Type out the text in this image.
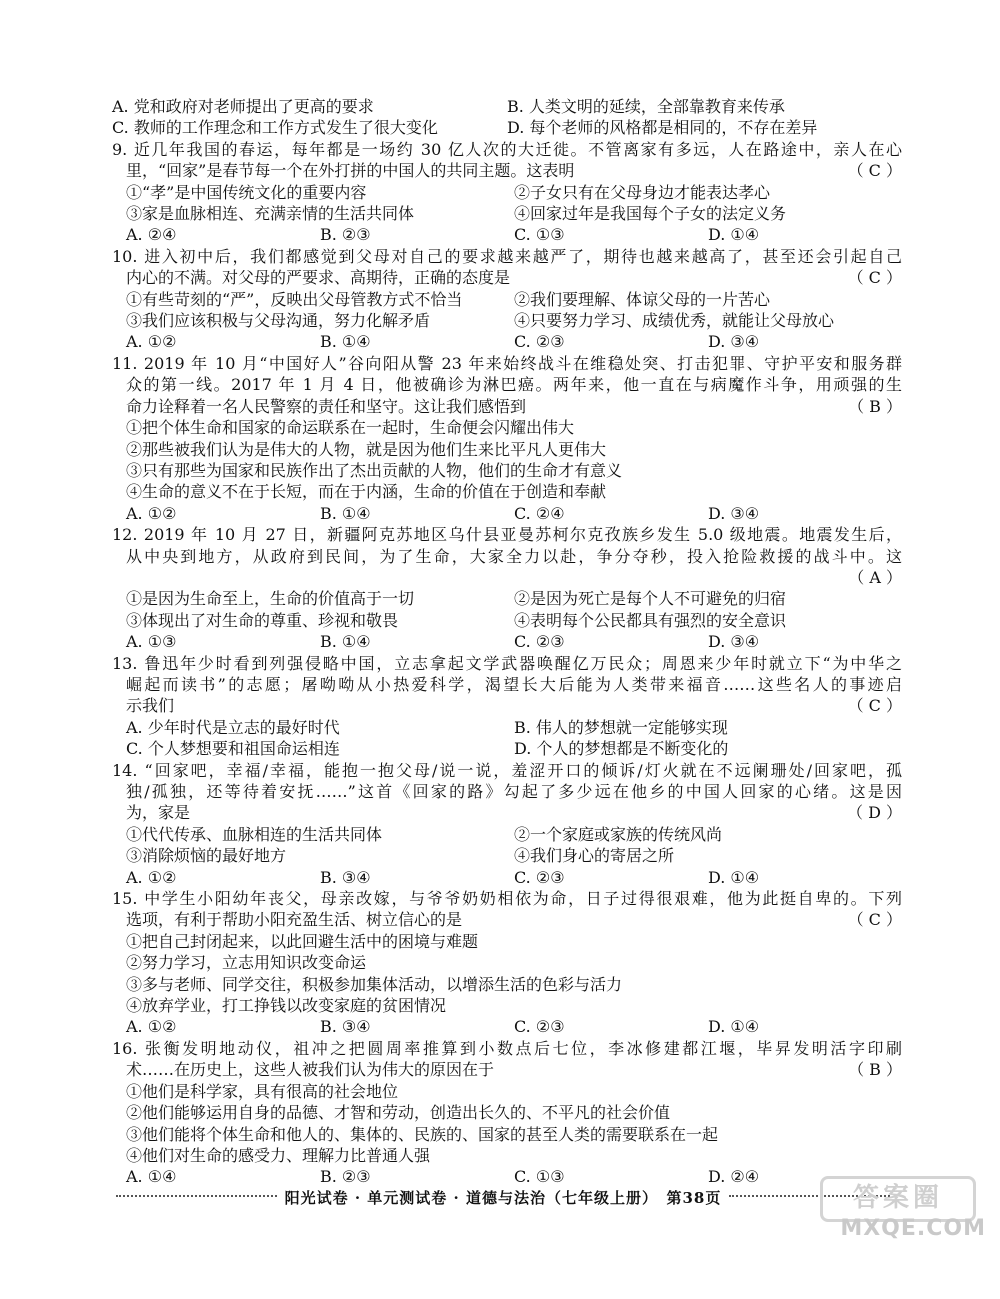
A. 党和政府对老师提出了更高的要求	B. 人类文明的延续，全部靠教育来传承
C. 教师的工作理念和工作方式发生了很大变化	D. 每个老师的风格都是相同的，不存在差异
9. 近几年我国的春运，每年都是一场约 30 亿人次的大迁徙。不管离家有多远，人在路途中，亲人在心
里，“回家”是春节每一个在外打拼的中国人的共同主题。这表明	（ C ）
①“孝”是中国传统文化的重要内容	②子女只有在父母身边才能表达孝心
③家是血脉相连、充满亲情的生活共同体	④回家过年是我国每个子女的法定义务
A. ②④	B. ②③	C. ①③	D. ①④
10. 进入初中后，我们都感觉到父母对自己的要求越来越严了，期待也越来越高了，甚至还会引起自己
内心的不满。对父母的严要求、高期待，正确的态度是	（ C ）
①有些苛刻的“严”，反映出父母管教方式不恰当	②我们要理解、体谅父母的一片苦心
③我们应该积极与父母沟通，努力化解矛盾	④只要努力学习、成绩优秀，就能让父母放心
A. ①②	B. ①④	C. ②③	D. ③④
11. 2019 年 10 月“中国好人”谷向阳从警 23 年来始终战斗在维稳处突、打击犯罪、守护平安和服务群
众的第一线。2017 年 1 月 4 日，他被确诊为淋巴癌。两年来，他一直在与病魔作斗争，用顽强的生
命力诠释着一名人民警察的责任和坚守。这让我们感悟到	（ B ）
①把个体生命和国家的命运联系在一起时，生命便会闪耀出伟大
②那些被我们认为是伟大的人物，就是因为他们生来比平凡人更伟大
③只有那些为国家和民族作出了杰出贡献的人物，他们的生命才有意义
④生命的意义不在于长短，而在于内涵，生命的价值在于创造和奉献
A. ①②	B. ①④	C. ②④	D. ③④
12. 2019 年 10 月 27 日，新疆阿克苏地区乌什县亚曼苏柯尔克孜族乡发生 5.0 级地震。地震发生后，
从中央到地方，从政府到民间，为了生命，大家全力以赴，争分夺秒，投入抢险救援的战斗中。这
（ A ）
①是因为生命至上，生命的价值高于一切	②是因为死亡是每个人不可避免的归宿
③体现出了对生命的尊重、珍视和敬畏	④表明每个公民都具有强烈的安全意识
A. ①③	B. ①④	C. ②③	D. ③④
13. 鲁迅年少时看到列强侵略中国，立志拿起文学武器唤醒亿万民众；周恩来少年时就立下“为中华之
崛起而读书”的志愿；屠呦呦从小热爱科学，渴望长大后能为人类带来福音……这些名人的事迹启
示我们	（ C ）
A. 少年时代是立志的最好时代	B. 伟人的梦想就一定能够实现
C. 个人梦想要和祖国命运相连	D. 个人的梦想都是不断变化的
14. “回家吧，幸福/幸福，能抱一抱父母/说一说，羞涩开口的倾诉/灯火就在不远阑珊处/回家吧，孤
独/孤独，还等待着安抚……”这首《回家的路》勾起了多少远在他乡的中国人回家的心绪。这是因
为，家是	（ D ）
①代代传承、血脉相连的生活共同体	②一个家庭或家族的传统风尚
③消除烦恼的最好地方	④我们身心的寄居之所
A. ①②	B. ③④	C. ②③	D. ①④
15. 中学生小阳幼年丧父，母亲改嫁，与爷爷奶奶相依为命，日子过得很艰难，他为此挺自卑的。下列
选项，有利于帮助小阳充盈生活、树立信心的是	（ C ）
①把自己封闭起来，以此回避生活中的困境与难题
②努力学习，立志用知识改变命运
③多与老师、同学交往，积极参加集体活动，以增添生活的色彩与活力
④放弃学业，打工挣钱以改变家庭的贫困情况
A. ①②	B. ③④	C. ②③	D. ①④
16. 张衡发明地动仪，祖冲之把圆周率推算到小数点后七位，李冰修建都江堰，毕昇发明活字印刷
术……在历史上，这些人被我们认为伟大的原因在于	（ B ）
①他们是科学家，具有很高的社会地位
②他们能够运用自身的品德、才智和劳动，创造出长久的、不平凡的社会价值
③他们能将个体生命和他人的、集体的、民族的、国家的甚至人类的需要联系在一起
④他们对生命的感受力、理解力比普通人强
A. ①④	B. ②③	C. ①③	D. ②④
阳光试卷 · 单元测试卷 · 道德与法治（七年级上册）　第38页	答案圈
MXQE.COM
